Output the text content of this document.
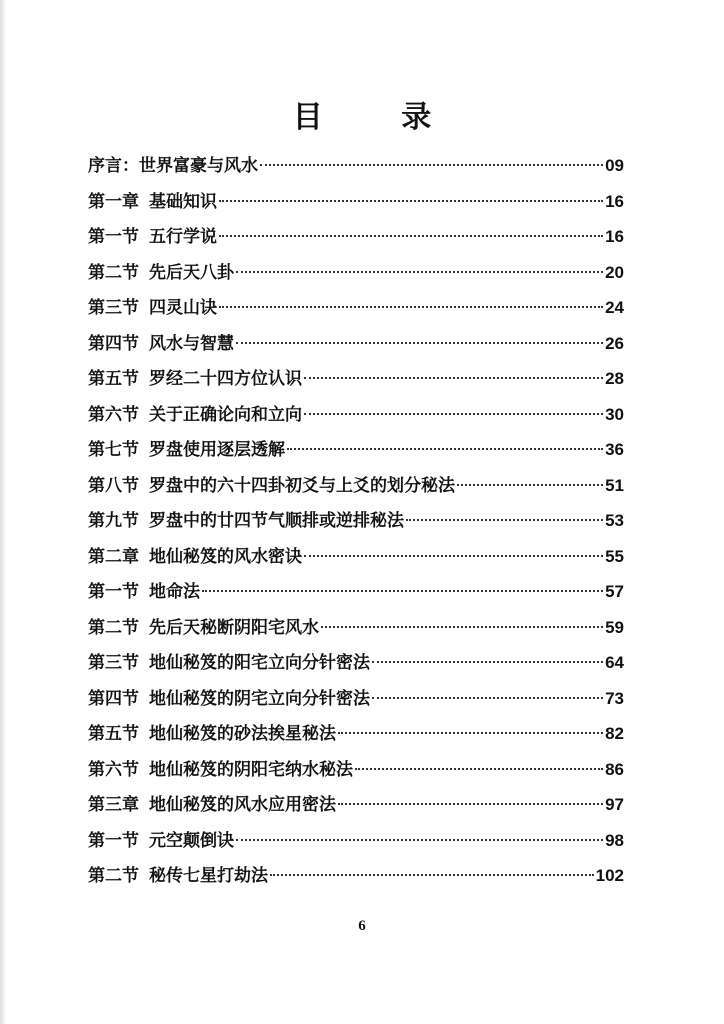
目 录
序言： 世界富豪与风水	09
第一章 基础知识	16
第一节 五行学说	16
第二节 先后天八卦	20
第三节 四灵山诀	24
第四节 风水与智慧	26
第五节 罗经二十四方位认识	28
第六节 关于正确论向和立向	30
第七节 罗盘使用逐层透解	36
第八节 罗盘中的六十四卦初爻与上爻的划分秘法	51
第九节 罗盘中的廿四节气顺排或逆排秘法	53
第二章 地仙秘笈的风水密诀	55
第一节 地命法	57
第二节 先后天秘断阴阳宅风水	59
第三节 地仙秘笈的阳宅立向分针密法	64
第四节 地仙秘笈的阴宅立向分针密法	73
第五节 地仙秘笈的砂法挨星秘法	82
第六节 地仙秘笈的阴阳宅纳水秘法	86
第三章 地仙秘笈的风水应用密法	97
第一节 元空颠倒诀	98
第二节 秘传七星打劫法	102
6
